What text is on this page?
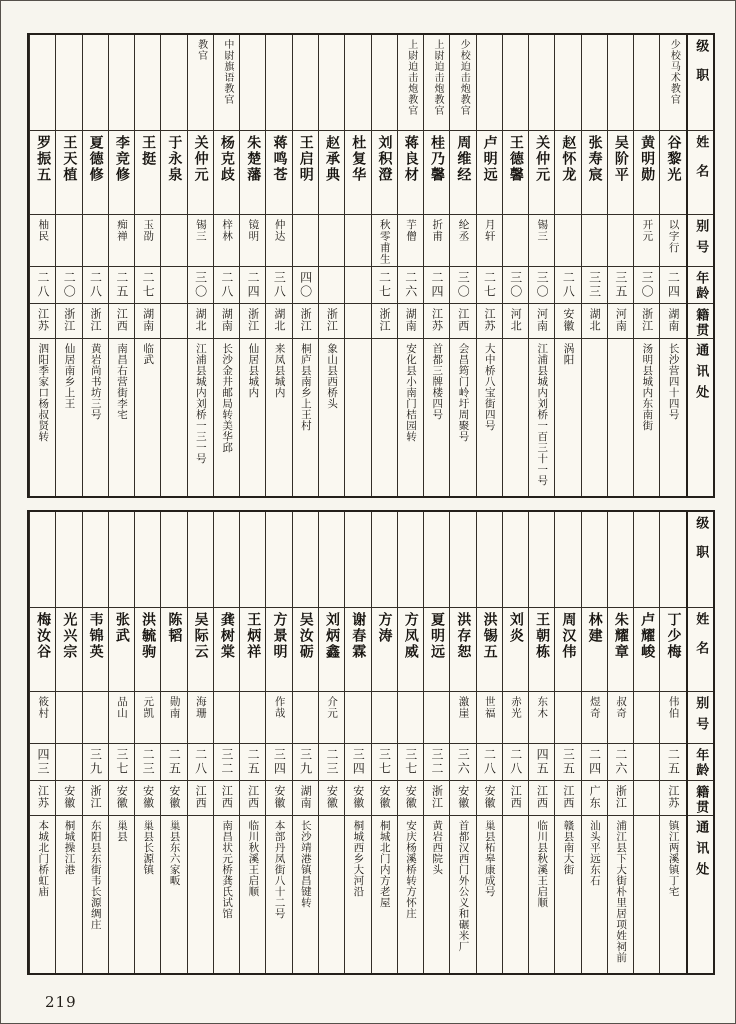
级职
姓名
别号
年龄
籍贯
通讯处
少校马术教官
谷黎光
以字行
二四
湖南
长沙营四十四号
黄明勋
开元
三〇
浙江
汤明县城内东南街
吴阶平
三五
河南
张寿宸
三三
湖北
赵怀龙
二八
安徽
涡阳
关仲元
锡三
三〇
河南
江浦县城内刘桥一百三十一号
王德馨
三〇
河北
卢明远
月轩
二七
江苏
大中桥八宝街四号
少校迫击炮教官
周维经
纶丞
三〇
江西
会昌筠门岭圩周聚号
上尉迫击炮教官
桂乃馨
折甫
二四
江苏
首都三牌楼四号
上尉迫击炮教官
蒋良材
芋僧
二六
湖南
安化县小南门桔园转
刘积澄
秋零甫生
二七
浙江
杜复华
赵承典
浙江
象山县西桥头
王启明
四〇
浙江
桐庐县南乡上王村
蒋鸣苍
仲达
三八
湖北
来凤县城内
朱楚藩
镜明
二四
浙江
仙居县城内
中尉旗语教官
杨克歧
梓林
二八
湖南
长沙金井邮局转美华邱
教官
关仲元
锡三
三〇
湖北
江浦县城内刘桥一三一号
于永泉
王挺
玉劭
二七
湖南
临武
李竞修
痴禅
二五
江西
南昌右营街李宅
夏德修
二八
浙江
黄岩尚书坊三号
王天植
二〇
浙江
仙居南乡上王
罗振五
柚民
二八
江苏
泗阳季家口杨叔贤转
级职
姓名
别号
年龄
籍贯
通讯处
丁少梅
伟伯
二五
江苏
镇江两溪镇丁宅
卢耀峻
朱耀章
叔奇
二六
浙江
浦江县下大街朴里居项姓祠前
林建
煜奇
二四
广东
汕头平远东石
周汉伟
三五
江西
赣县南大街
王朝栋
东木
四五
江西
临川县秋溪王启顺
刘炎
赤光
二八
江西
洪锡五
世福
二八
安徽
巢县柘皋康成号
洪存恕
激崖
三六
安徽
首都汉西门外公义和碾米厂
夏明远
三二
浙江
黄岩西院头
方凤威
三七
安徽
安庆杨溪桥转方怀庄
方涛
三七
安徽
桐城北门内方老屋
谢春霖
三四
安徽
桐城西乡大河沿
刘炳鑫
介元
二三
安徽
吴汝砺
三九
湖南
长沙靖港镇昌键转
方景明
作哉
三四
安徽
本部丹凤街八十二号
王炳祥
二五
江西
临川秋溪王启顺
龚树棠
三二
江西
南昌状元桥龚氏试馆
吴际云
海珊
二八
江西
陈韬
勋南
二五
安徽
巢县东六家畈
洪毓驹
元凯
二三
安徽
巢县长源镇
张武
品山
三七
安徽
巢县
韦锦英
三九
浙江
东阳县东街韦长源绸庄
光兴宗
安徽
桐城操江港
梅汝谷
筱村
四三
江苏
本城北门桥虹庙
219
